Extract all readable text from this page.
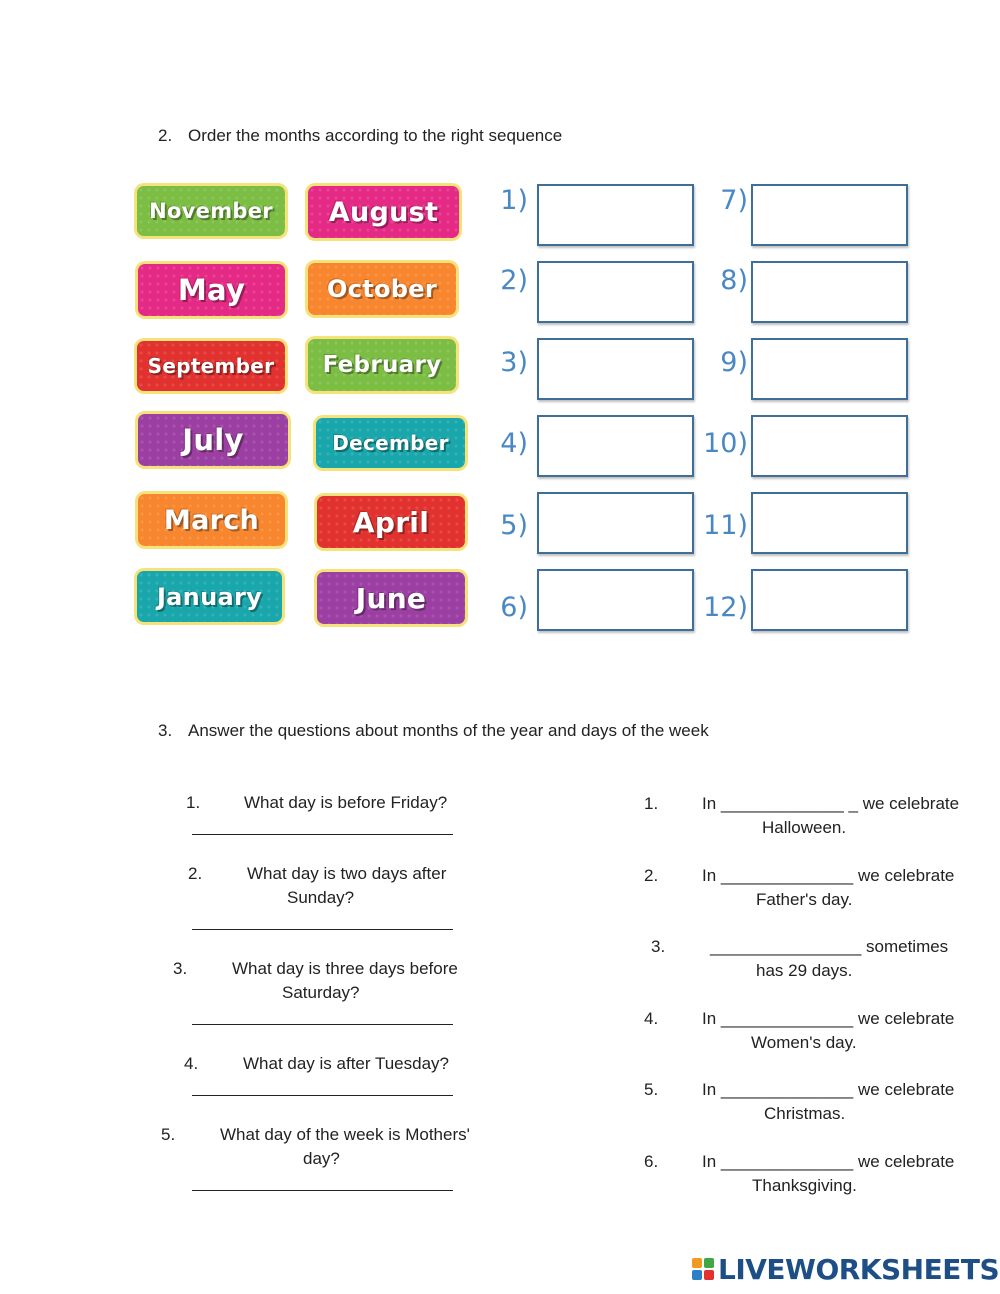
2. Order the months according to the right sequence
November	August
May	October
September	February
July	December
March	April
January	June
1)
2)
3)
4)
5)
6)
7)
8)
9)
10)
11)
12)
3. Answer the questions about months of the year and days of the week
1.	What day is before Friday?
2.	What day is two days after
Sunday?
3.	What day is three days before
Saturday?
4.	What day is after Tuesday?
5.	What day of the week is Mothers'
day?
1.	In _____________ _ we celebrate
Halloween.
2.	In ______________ we celebrate
Father's day.
3.	________________ sometimes
has 29 days.
4.	In ______________ we celebrate
Women's day.
5.	In ______________ we celebrate
Christmas.
6.	In ______________ we celebrate
Thanksgiving.
LIVEWORKSHEETS
